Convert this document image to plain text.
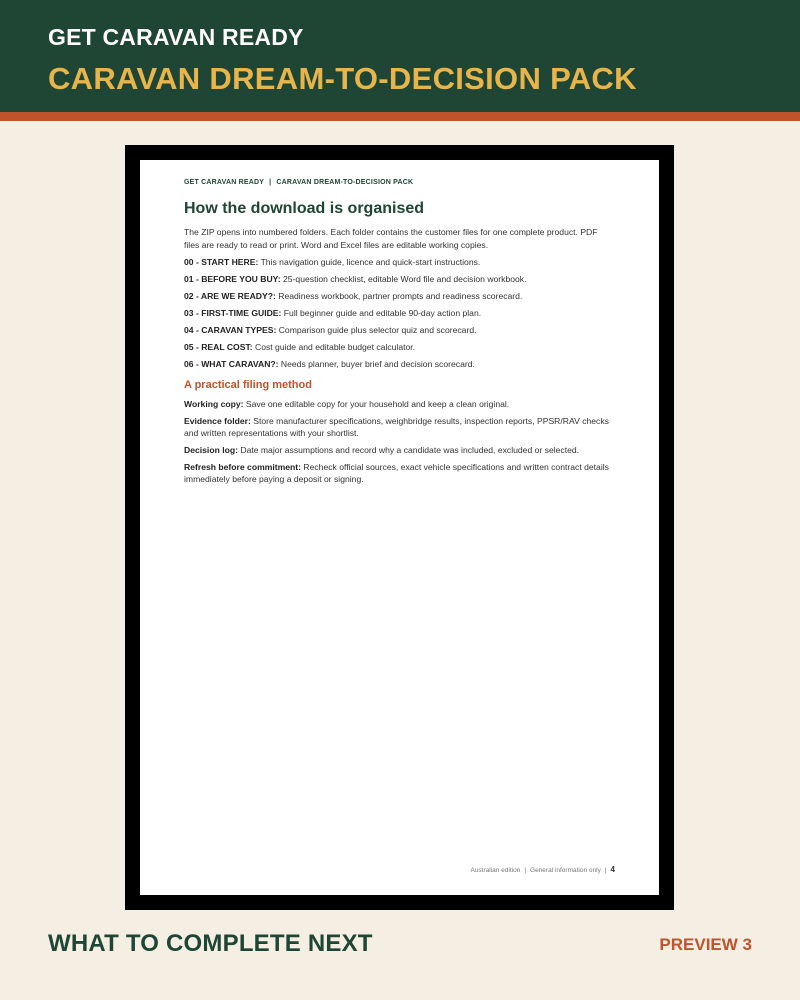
GET CARAVAN READY
CARAVAN DREAM-TO-DECISION PACK
GET CARAVAN READY | CARAVAN DREAM-TO-DECISION PACK
How the download is organised
The ZIP opens into numbered folders. Each folder contains the customer files for one complete product. PDF files are ready to read or print. Word and Excel files are editable working copies.
00 - START HERE: This navigation guide, licence and quick-start instructions.
01 - BEFORE YOU BUY: 25-question checklist, editable Word file and decision workbook.
02 - ARE WE READY?: Readiness workbook, partner prompts and readiness scorecard.
03 - FIRST-TIME GUIDE: Full beginner guide and editable 90-day action plan.
04 - CARAVAN TYPES: Comparison guide plus selector quiz and scorecard.
05 - REAL COST: Cost guide and editable budget calculator.
06 - WHAT CARAVAN?: Needs planner, buyer brief and decision scorecard.
A practical filing method
Working copy: Save one editable copy for your household and keep a clean original.
Evidence folder: Store manufacturer specifications, weighbridge results, inspection reports, PPSR/RAV checks and written representations with your shortlist.
Decision log: Date major assumptions and record why a candidate was included, excluded or selected.
Refresh before commitment: Recheck official sources, exact vehicle specifications and written contract details immediately before paying a deposit or signing.
Australian edition | General information only | 4
WHAT TO COMPLETE NEXT	PREVIEW 3
